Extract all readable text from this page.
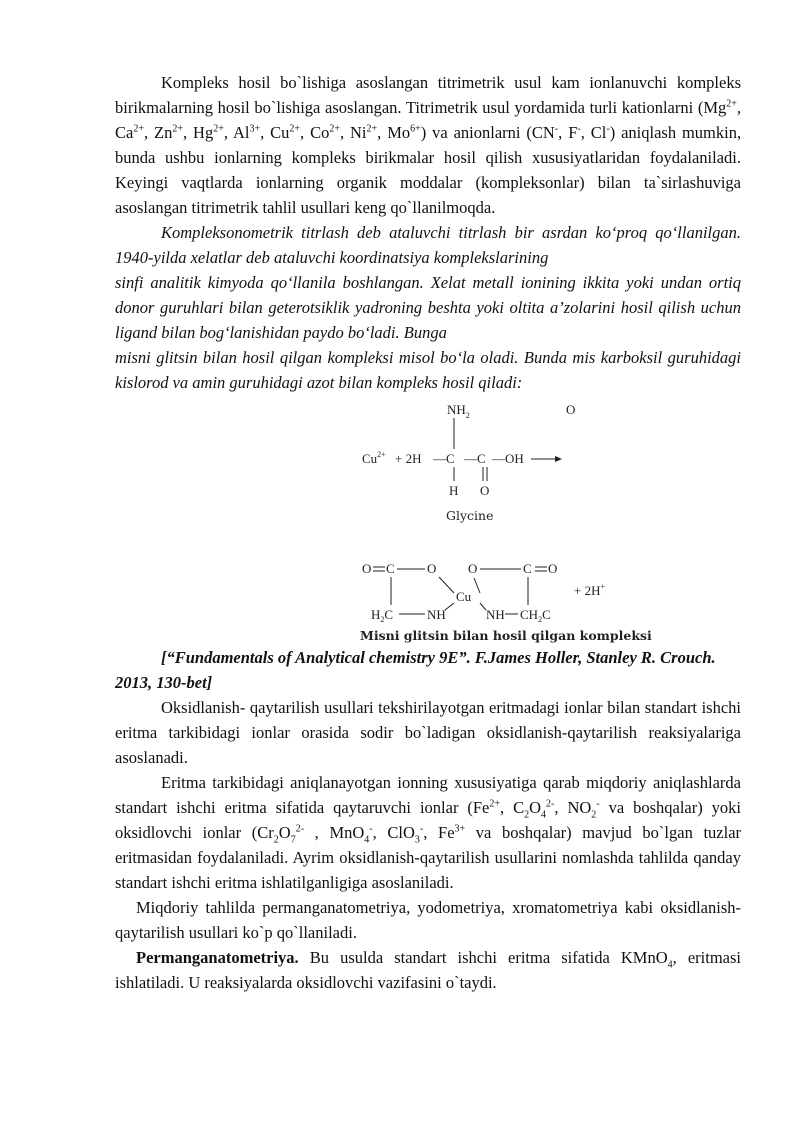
Kompleks hosil bo`lishiga asoslangan titrimetrik usul kam ionlanuvchi kompleks birikmalarning hosil bo`lishiga asoslangan. Titrimetrik usul yordamida turli kationlarni ($Mg^{2+}$, $Ca^{2+}$, $Zn^{2+}$, $Hg^{2+}$, $Al^{3+}$, $Cu^{2+}$, $Co^{2+}$, $Ni^{2+}$, $Mo^{6+}$) va anionlarni (CN-, F-, Cl-) aniqlash mumkin, bunda ushbu ionlarning kompleks birikmalar hosil qilish xususiyatlaridan foydalaniladi. Keyingi vaqtlarda ionlarning organik moddalar (kompleksonlar) bilan ta`sirlashuviga asoslangan titrimetrik tahlil usullari keng qo`llanilmoqda.

Kompleksonometrik titrlash deb ataluvchi titrlash bir asrdan ko‘proq qo‘llanilgan. 1940-yilda xelatlar deb ataluvchi koordinatsiya komplekslarining

sinfi analitik kimyoda qo‘llanila boshlangan. Xelat metall ionining ikkita yoki undan ortiq donor guruhlari bilan geterotsiklik yadroning beshta yoki oltita a’zolarini hosil qilish uchun ligand bilan bog‘lanishidan paydo bo‘ladi. Bunga

misni glitsin bilan hosil qilgan kompleksi misol bo‘la oladi. Bunda mis karboksil guruhidagi kislorod va amin guruhidagi azot bilan kompleks hosil qiladi:

$Cu^{2+} + 2H$ —C —C —OH
$NH_2$
H O
O
Glycine
O C O
$H_2C$	NH
Cu
O	C O
NH $CH_2C$
+ 2H+
Misni glitsin bilan hosil qilgan kompleksi

[“Fundamentals of Analytical chemistry 9E”. F.James Holler, Stanley R. Crouch. 2013, 130-bet]

Oksidlanish- qaytarilish usullari tekshirilayotgan eritmadagi ionlar bilan standart ishchi eritma tarkibidagi ionlar orasida sodir bo`ladigan oksidlanish-qaytarilish reaksiyalariga asoslanadi.

Eritma tarkibidagi aniqlanayotgan ionning xususiyatiga qarab miqdoriy aniqlashlarda standart ishchi eritma sifatida qaytaruvchi ionlar ($Fe^{2+}$, $C_2O_4^{2-}$, $NO_2^-$ va boshqalar) yoki oksidlovchi ionlar ($Cr_2O_7^{2-}$ , MnO$_4$-, ClO$_3$-, $Fe^{3+}$ va boshqalar) mavjud bo`lgan tuzlar eritmasidan foydalaniladi. Ayrim oksidlanish-qaytarilish usullarini nomlashda tahlilda qanday standart ishchi eritma ishlatilganligiga asoslaniladi.

Miqdoriy tahlilda permanganatometriya, yodometriya, xromatometriya kabi oksidlanish-qaytarilish usullari ko`p qo`llaniladi.

Permanganatometriya. Bu usulda standart ishchi eritma sifatida KMnO$_4$, eritmasi ishlatiladi. U reaksiyalarda oksidlovchi vazifasini o`taydi.
